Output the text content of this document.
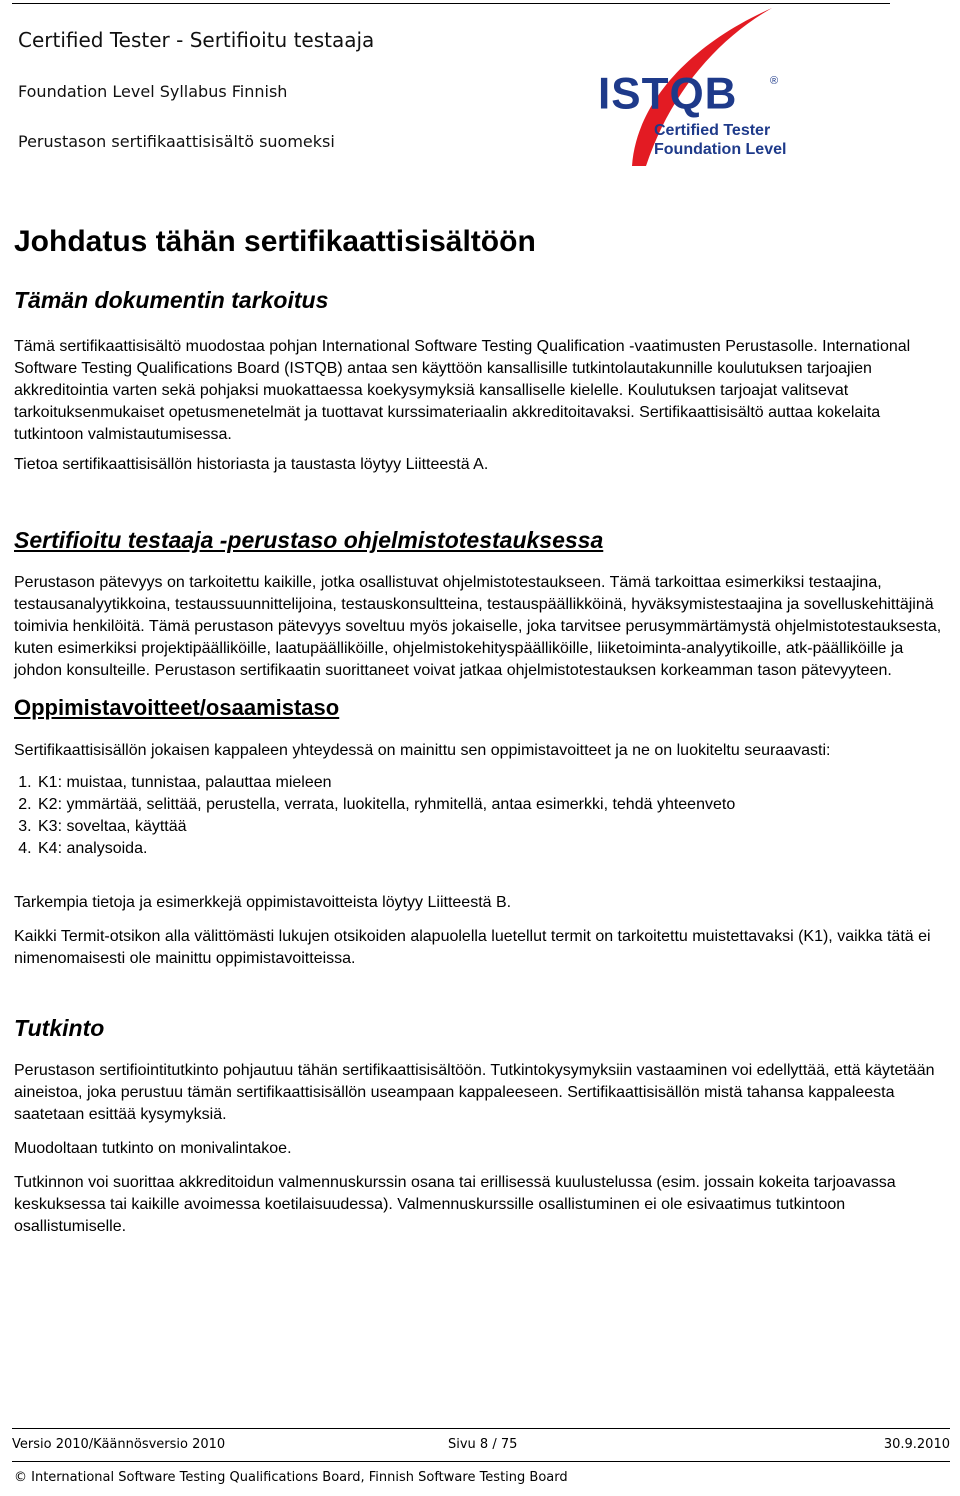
Certified Tester - Sertifioitu testaaja
Foundation Level Syllabus Finnish
Perustason sertifikaattisisältö suomeksi
ISTQB	®
Certified Tester
Foundation Level
Johdatus tähän sertifikaattisisältöön
Tämän dokumentin tarkoitus

Tämä sertifikaattisisältö muodostaa pohjan International Software Testing Qualification -vaatimusten Perustasolle. International Software Testing Qualifications Board (ISTQB) antaa sen käyttöön kansallisille tutkintolautakunnille koulutuksen tarjoajien akkreditointia varten sekä pohjaksi muokattaessa koekysymyksiä kansalliselle kielelle. Koulutuksen tarjoajat valitsevat tarkoituksenmukaiset opetusmenetelmät ja tuottavat kurssimateriaalin akkreditoitavaksi. Sertifikaattisisältö auttaa kokelaita tutkintoon valmistautumisessa.

Tietoa sertifikaattisisällön historiasta ja taustasta löytyy Liitteestä A.

Sertifioitu testaaja -perustaso ohjelmistotestauksessa

Perustason pätevyys on tarkoitettu kaikille, jotka osallistuvat ohjelmistotestaukseen. Tämä tarkoittaa esimerkiksi testaajina, testausanalyytikkoina, testaussuunnittelijoina, testauskonsultteina, testauspäällikköinä, hyväksymistestaajina ja sovelluskehittäjinä toimivia henkilöitä. Tämä perustason pätevyys soveltuu myös jokaiselle, joka tarvitsee perusymmärtämystä ohjelmistotestauksesta, kuten esimerkiksi projektipäälliköille, laatupäälliköille, ohjelmistokehityspäälliköille, liiketoiminta-analyytikoille, atk-päälliköille ja johdon konsulteille. Perustason sertifikaatin suorittaneet voivat jatkaa ohjelmistotestauksen korkeamman tason pätevyyteen.

Oppimistavoitteet/osaamistaso

Sertifikaattisisällön jokaisen kappaleen yhteydessä on mainittu sen oppimistavoitteet ja ne on luokiteltu seuraavasti:

1. K1: muistaa, tunnistaa, palauttaa mieleen
2. K2: ymmärtää, selittää, perustella, verrata, luokitella, ryhmitellä, antaa esimerkki, tehdä yhteenveto
3. K3: soveltaa, käyttää
4. K4: analysoida.

Tarkempia tietoja ja esimerkkejä oppimistavoitteista löytyy Liitteestä B.

Kaikki Termit-otsikon alla välittömästi lukujen otsikoiden alapuolella luetellut termit on tarkoitettu muistettavaksi (K1), vaikka tätä ei nimenomaisesti ole mainittu oppimistavoitteissa.

Tutkinto

Perustason sertifiointitutkinto pohjautuu tähän sertifikaattisisältöön. Tutkintokysymyksiin vastaaminen voi edellyttää, että käytetään aineistoa, joka perustuu tämän sertifikaattisisällön useampaan kappaleeseen. Sertifikaattisisällön mistä tahansa kappaleesta saatetaan esittää kysymyksiä.

Muodoltaan tutkinto on monivalintakoe.

Tutkinnon voi suorittaa akkreditoidun valmennuskurssin osana tai erillisessä kuulustelussa (esim. jossain kokeita tarjoavassa keskuksessa tai kaikille avoimessa koetilaisuudessa). Valmennuskurssille osallistuminen ei ole esivaatimus tutkintoon osallistumiselle.

Versio 2010/Käännösversio 2010	Sivu 8 / 75	30.9.2010
© International Software Testing Qualifications Board, Finnish Software Testing Board
